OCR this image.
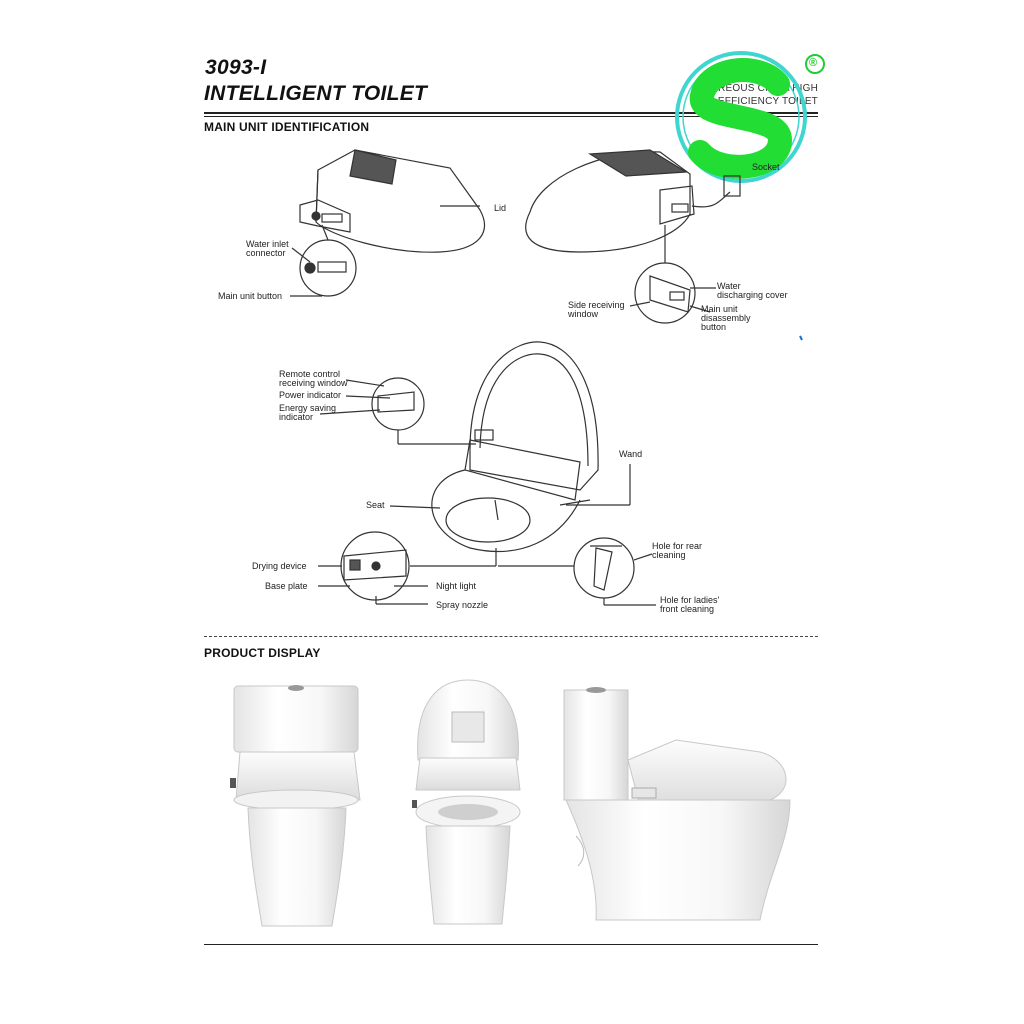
3093-I
INTELLIGENT TOILET	VITREOUS CHINA HIGH
EFFICIENCY TOILET
®
MAIN UNIT IDENTIFICATION
Lid
Water inlet
connector
Main unit button
Socket
Water
discharging cover
Side receiving
window	Main unit
disassembly
button
Remote control
receiving window
Power indicator
Energy saving
indicator
Wand
Seat
Drying device
Base plate	Night light
Spray nozzle
Hole for rear
cleaning
Hole for ladies'
front cleaning
PRODUCT DISPLAY
